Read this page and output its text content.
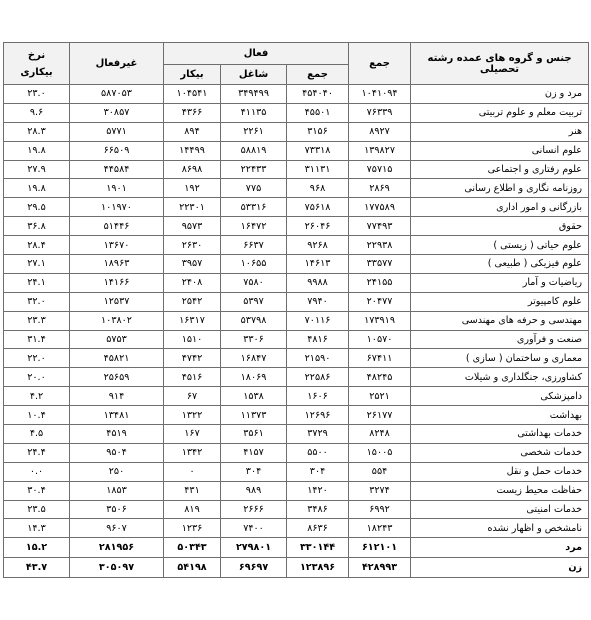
جنس و گروه های عمده رشته تحصیلی	جمع	فعال			غیرفعال	نرخ بیکاری
		جمع	شاغل	بیکار		
مرد و زن	۱۰۴۱۰۹۴	۴۵۴۰۴۰	۳۴۹۴۹۹	۱۰۴۵۴۱	۵۸۷۰۵۳	۲۳.۰
تربیت معلم و علوم تربیتی	۷۶۳۳۹	۴۵۵۰۱	۴۱۱۳۵	۴۳۶۶	۳۰۸۵۷	۹.۶
هنر	۸۹۲۷	۳۱۵۶	۲۲۶۱	۸۹۴	۵۷۷۱	۲۸.۳
علوم انسانی	۱۳۹۸۲۷	۷۳۳۱۸	۵۸۸۱۹	۱۴۴۹۹	۶۶۵۰۹	۱۹.۸
علوم رفتاری و اجتماعی	۷۵۷۱۵	۳۱۱۳۱	۲۲۴۳۳	۸۶۹۸	۴۴۵۸۴	۲۷.۹
روزنامه نگاری و اطلاع رسانی	۲۸۶۹	۹۶۸	۷۷۵	۱۹۲	۱۹۰۱	۱۹.۸
بازرگانی و امور اداری	۱۷۷۵۸۹	۷۵۶۱۸	۵۳۳۱۶	۲۲۳۰۱	۱۰۱۹۷۰	۲۹.۵
حقوق	۷۷۴۹۳	۲۶۰۴۶	۱۶۴۷۲	۹۵۷۳	۵۱۴۴۶	۳۶.۸
علوم حیاتی ( زیستی )	۲۲۹۳۸	۹۲۶۸	۶۶۳۷	۲۶۳۰	۱۳۶۷۰	۲۸.۴
علوم فیزیکی ( طبیعی )	۳۳۵۷۷	۱۴۶۱۳	۱۰۶۵۵	۳۹۵۷	۱۸۹۶۳	۲۷.۱
ریاضیات و آمار	۲۴۱۵۵	۹۹۸۸	۷۵۸۰	۲۴۰۸	۱۴۱۶۶	۲۴.۱
علوم کامپیوتر	۲۰۴۷۷	۷۹۴۰	۵۳۹۷	۲۵۴۲	۱۲۵۳۷	۳۲.۰
مهندسی و حرفه های مهندسی	۱۷۳۹۱۹	۷۰۱۱۶	۵۳۷۹۸	۱۶۳۱۷	۱۰۳۸۰۲	۲۳.۳
صنعت و فرآوری	۱۰۵۷۰	۴۸۱۶	۳۳۰۶	۱۵۱۰	۵۷۵۳	۳۱.۴
معماری و ساختمان ( سازی )	۶۷۴۱۱	۲۱۵۹۰	۱۶۸۴۷	۴۷۴۲	۴۵۸۲۱	۲۲.۰
کشاورزی، جنگلداری و شیلات	۴۸۲۴۵	۲۲۵۸۶	۱۸۰۶۹	۴۵۱۶	۲۵۶۵۹	۲۰.۰
دامپزشکی	۲۵۲۱	۱۶۰۶	۱۵۳۸	۶۷	۹۱۴	۴.۲
بهداشت	۲۶۱۷۷	۱۲۶۹۶	۱۱۳۷۳	۱۳۲۲	۱۳۴۸۱	۱۰.۴
خدمات بهداشتی	۸۲۴۸	۳۷۲۹	۳۵۶۱	۱۶۷	۴۵۱۹	۴.۵
خدمات شخصی	۱۵۰۰۵	۵۵۰۰	۴۱۵۷	۱۳۴۲	۹۵۰۴	۲۴.۴
خدمات حمل و نقل	۵۵۴	۳۰۴	۳۰۴	۰	۲۵۰	۰.۰
حفاظت محیط زیست	۳۲۷۴	۱۴۲۰	۹۸۹	۴۳۱	۱۸۵۳	۳۰.۴
خدمات امنیتی	۶۹۹۲	۳۴۸۶	۲۶۶۶	۸۱۹	۳۵۰۶	۲۳.۵
نامشخص و اظهار نشده	۱۸۲۴۳	۸۶۳۶	۷۴۰۰	۱۲۳۶	۹۶۰۷	۱۴.۳
مرد	۶۱۲۱۰۱	۳۳۰۱۴۴	۲۷۹۸۰۱	۵۰۳۴۳	۲۸۱۹۵۶	۱۵.۲
زن	۴۲۸۹۹۳	۱۲۳۸۹۶	۶۹۶۹۷	۵۴۱۹۸	۳۰۵۰۹۷	۴۳.۷
